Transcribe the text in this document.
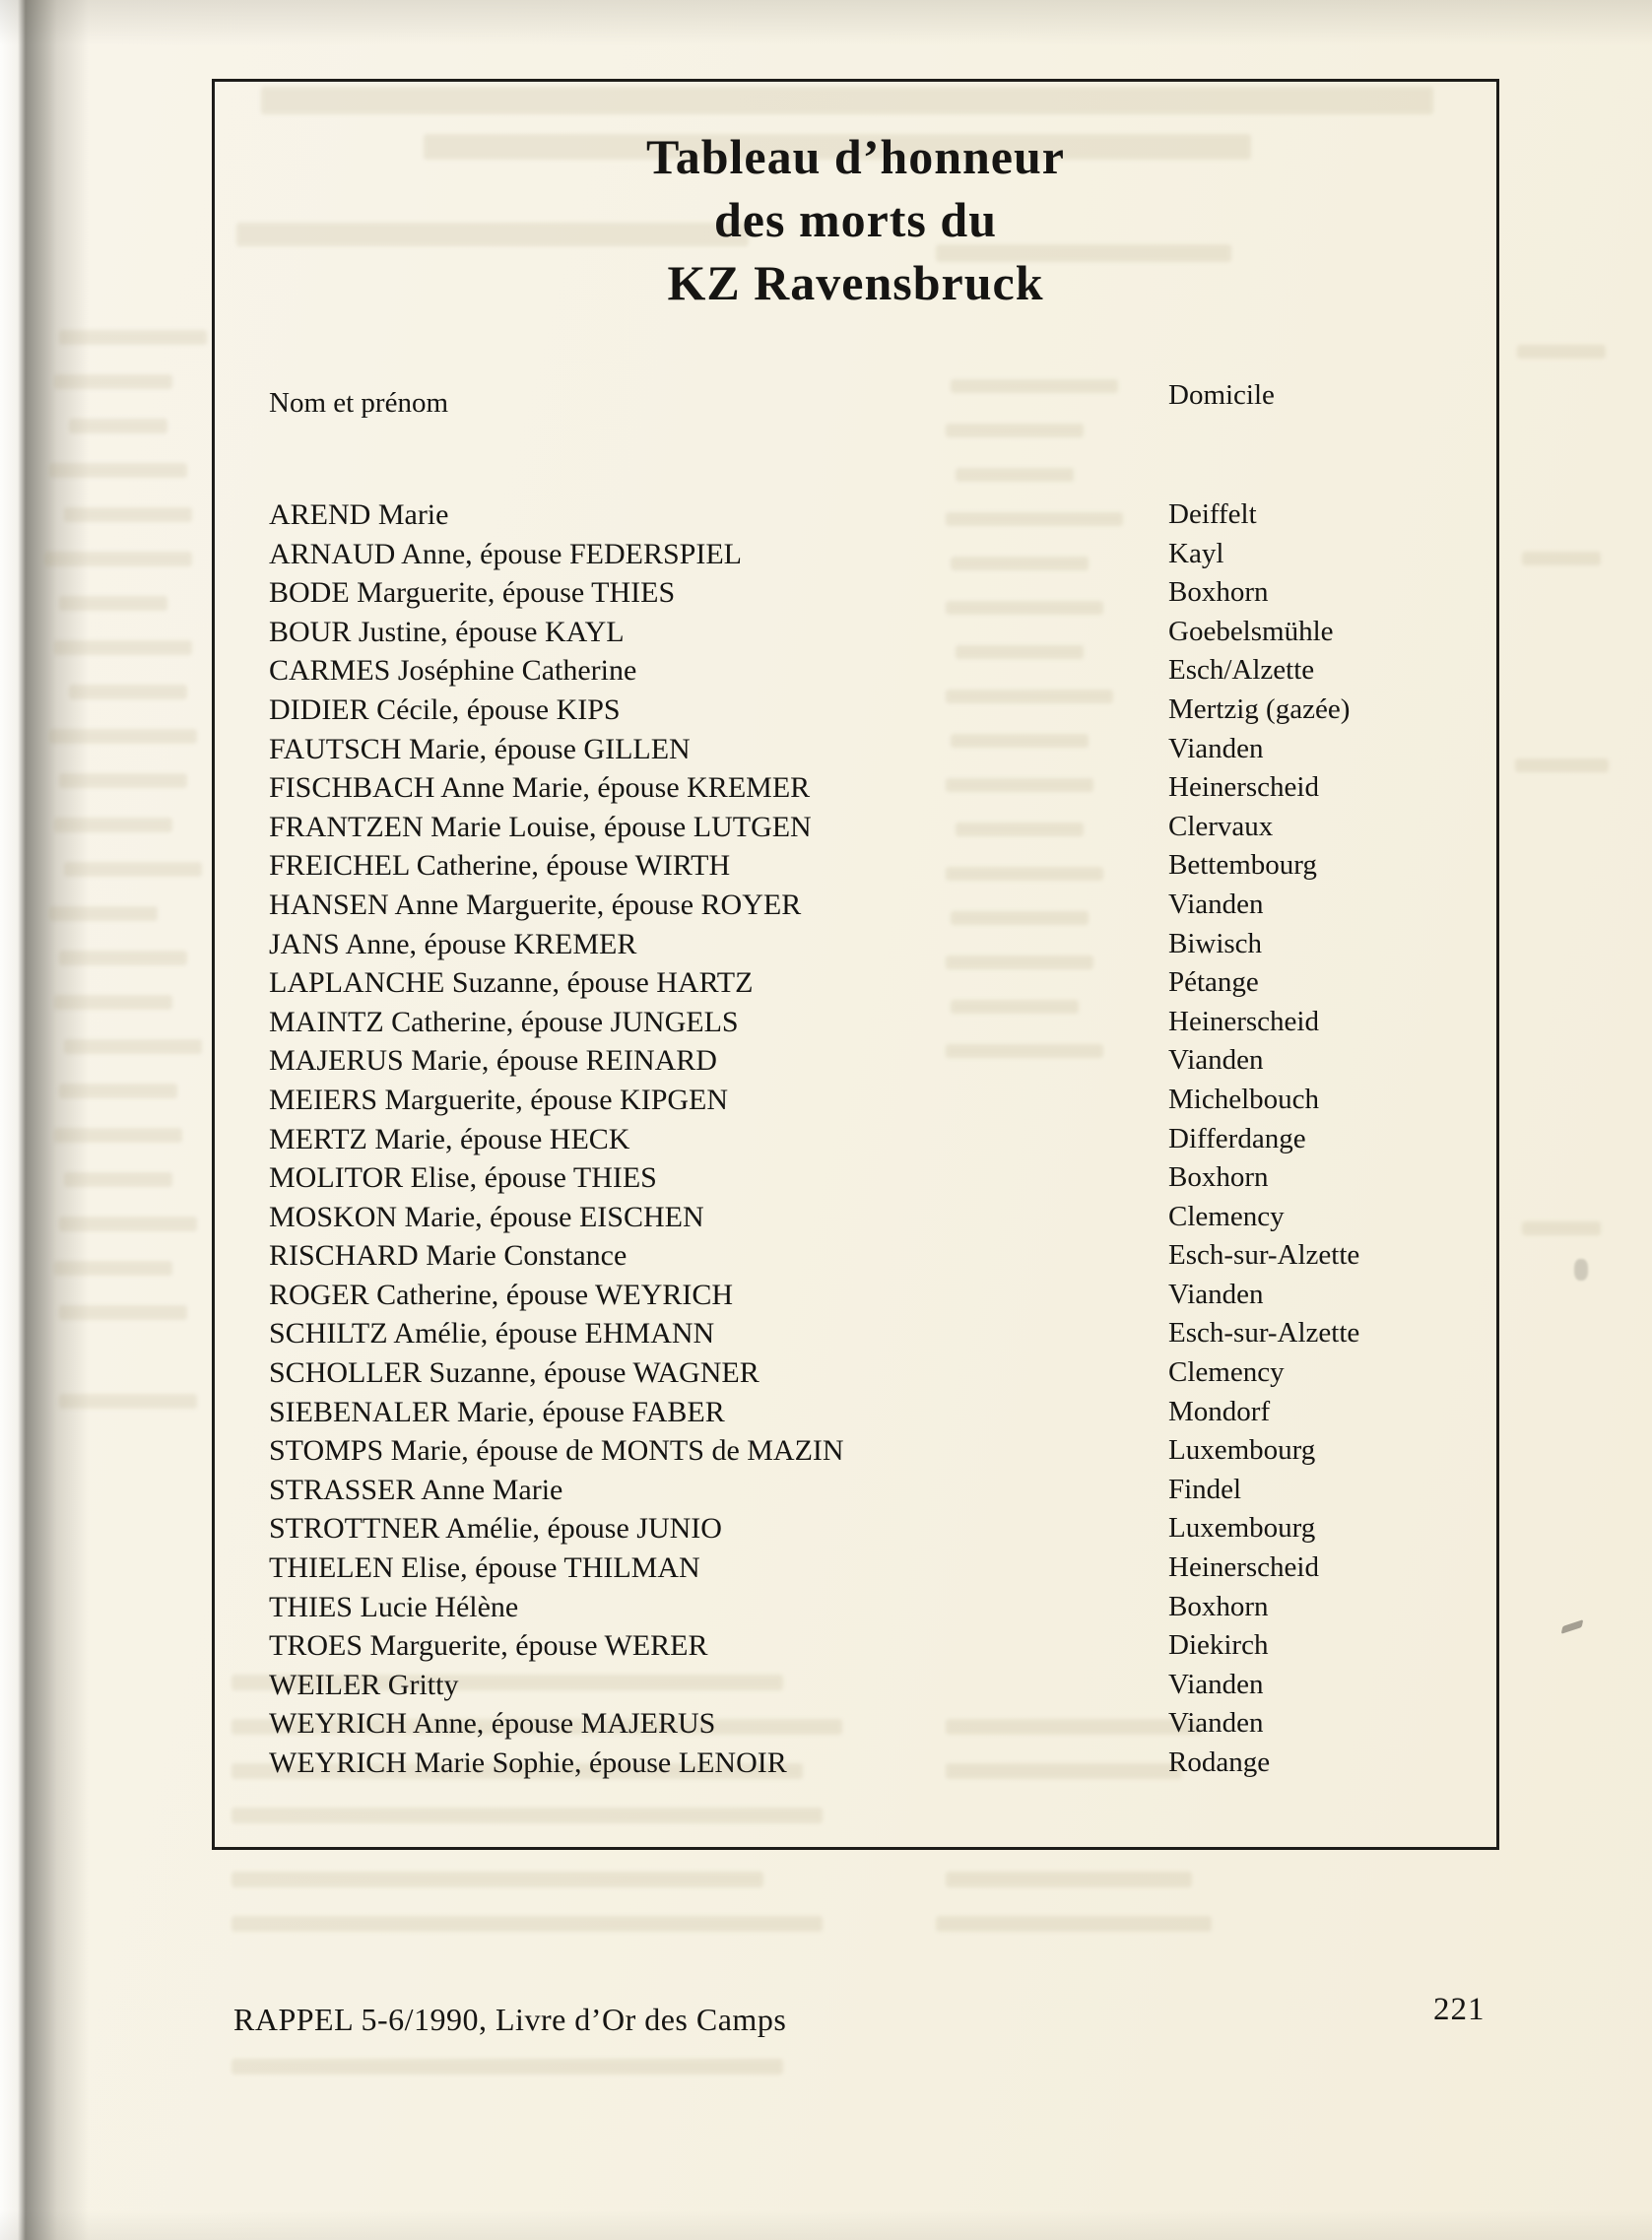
Tableau d’honneur
des morts du
KZ Ravensbruck
Nom et prénom	Domicile
AREND Marie	Deiffelt
ARNAUD Anne, épouse FEDERSPIEL	Kayl
BODE Marguerite, épouse THIES	Boxhorn
BOUR Justine, épouse KAYL	Goebelsmühle
CARMES Joséphine Catherine	Esch/Alzette
DIDIER Cécile, épouse KIPS	Mertzig (gazée)
FAUTSCH Marie, épouse GILLEN	Vianden
FISCHBACH Anne Marie, épouse KREMER	Heinerscheid
FRANTZEN Marie Louise, épouse LUTGEN	Clervaux
FREICHEL Catherine, épouse WIRTH	Bettembourg
HANSEN Anne Marguerite, épouse ROYER	Vianden
JANS Anne, épouse KREMER	Biwisch
LAPLANCHE Suzanne, épouse HARTZ	Pétange
MAINTZ Catherine, épouse JUNGELS	Heinerscheid
MAJERUS Marie, épouse REINARD	Vianden
MEIERS Marguerite, épouse KIPGEN	Michelbouch
MERTZ Marie, épouse HECK	Differdange
MOLITOR Elise, épouse THIES	Boxhorn
MOSKON Marie, épouse EISCHEN	Clemency
RISCHARD Marie Constance	Esch-sur-Alzette
ROGER Catherine, épouse WEYRICH	Vianden
SCHILTZ Amélie, épouse EHMANN	Esch-sur-Alzette
SCHOLLER Suzanne, épouse WAGNER	Clemency
SIEBENALER Marie, épouse FABER	Mondorf
STOMPS Marie, épouse de MONTS de MAZIN	Luxembourg
STRASSER Anne Marie	Findel
STROTTNER Amélie, épouse JUNIO	Luxembourg
THIELEN Elise, épouse THILMAN	Heinerscheid
THIES Lucie Hélène	Boxhorn
TROES Marguerite, épouse WERER	Diekirch
WEILER Gritty	Vianden
WEYRICH Anne, épouse MAJERUS	Vianden
WEYRICH Marie Sophie, épouse LENOIR	Rodange
RAPPEL 5-6/1990, Livre d’Or des Camps	221
